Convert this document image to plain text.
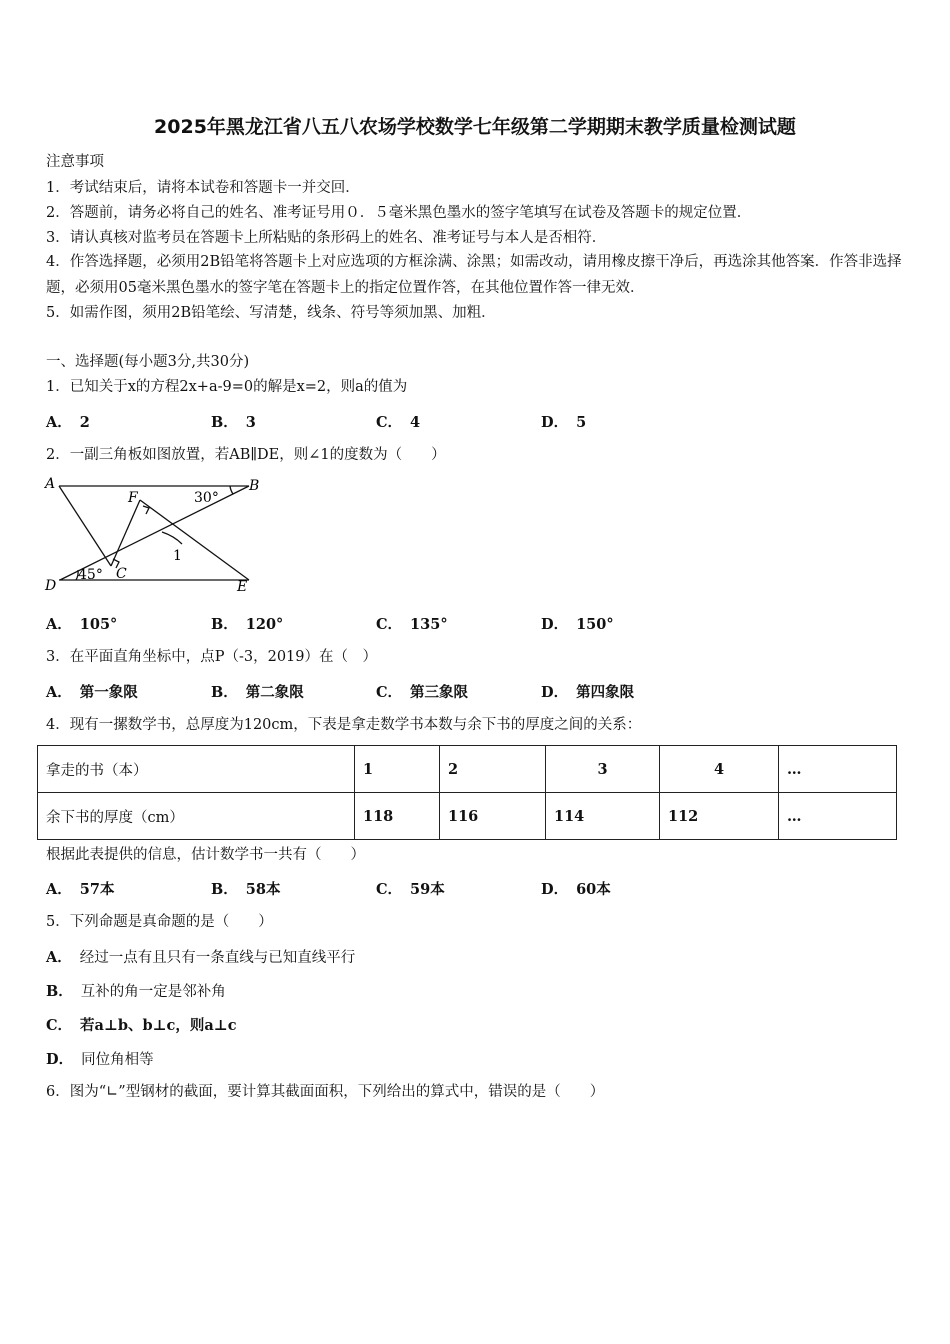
2025年黑龙江省八五八农场学校数学七年级第二学期期末教学质量检测试题
注意事项
1．考试结束后，请将本试卷和答题卡一并交回．
2．答题前，请务必将自己的姓名、准考证号用０．５毫米黑色墨水的签字笔填写在试卷及答题卡的规定位置．
3．请认真核对监考员在答题卡上所粘贴的条形码上的姓名、准考证号与本人是否相符．
4．作答选择题，必须用2B铅笔将答题卡上对应选项的方框涂满、涂黑；如需改动，请用橡皮擦干净后，再选涂其他答案．作答非选择题，必须用05毫米黑色墨水的签字笔在答题卡上的指定位置作答，在其他位置作答一律无效．
5．如需作图，须用2B铅笔绘、写清楚，线条、符号等须加黑、加粗．
一、选择题(每小题3分,共30分)
1．已知关于x的方程2x+a-9=0的解是x=2，则a的值为
A． 2	B． 3	C． 4	D． 5
2．一副三角板如图放置，若AB∥DE，则∠1的度数为（　　）
A	B
C
D	E
F	30°
45°
1
A． 105°	B． 120°	C． 135°	D． 150°
3．在平面直角坐标中，点P（-3，2019）在（　）
A． 第一象限	B． 第二象限	C． 第三象限	D． 第四象限
4．现有一摞数学书，总厚度为120cm，下表是拿走数学书本数与余下书的厚度之间的关系：
拿走的书（本）	1	2	3	4	…
余下书的厚度（cm）	118	116	114	112	…
根据此表提供的信息，估计数学书一共有（　　）
A． 57本	B． 58本	C． 59本	D． 60本
5．下列命题是真命题的是（　　）
A． 经过一点有且只有一条直线与已知直线平行
B． 互补的角一定是邻补角
C． 若a⊥b、b⊥c，则a⊥c
D． 同位角相等
6．图为“∟”型钢材的截面，要计算其截面面积，下列给出的算式中，错误的是（　　）
